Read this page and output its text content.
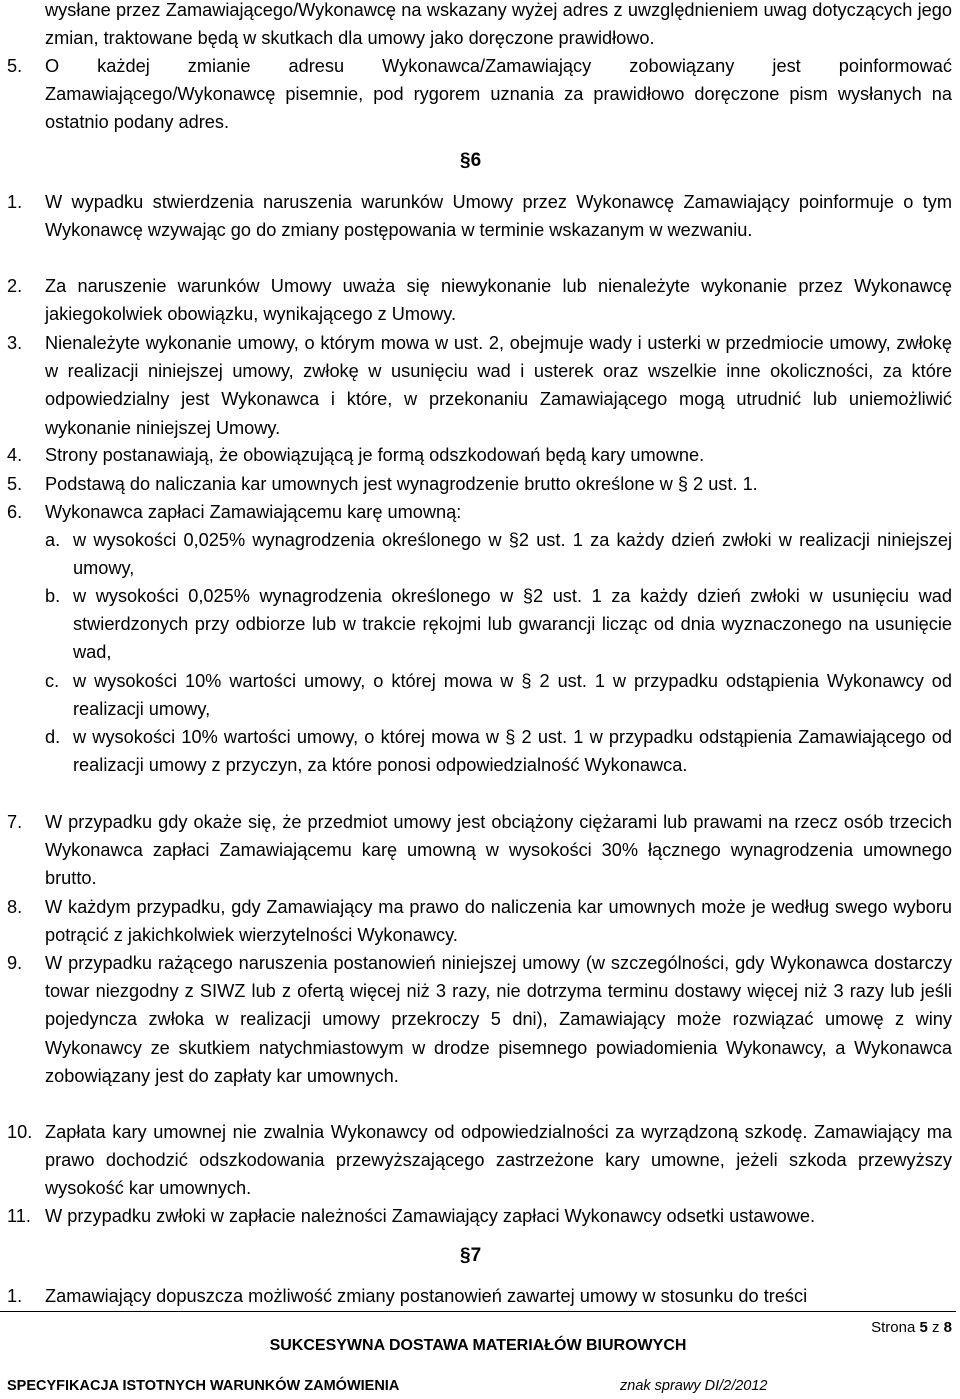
wysłane przez Zamawiającego/Wykonawcę na wskazany wyżej adres z uwzględnieniem uwag dotyczących jego zmian, traktowane będą w skutkach dla umowy jako doręczone prawidłowo.
5. O każdej zmianie adresu Wykonawca/Zamawiający zobowiązany jest poinformować Zamawiającego/Wykonawcę pisemnie, pod rygorem uznania za prawidłowo doręczone pism wysłanych na ostatnio podany adres.
§6
1. W wypadku stwierdzenia naruszenia warunków Umowy przez Wykonawcę Zamawiający poinformuje o tym Wykonawcę wzywając go do zmiany postępowania w terminie wskazanym w wezwaniu.
2. Za naruszenie warunków Umowy uważa się niewykonanie lub nienależyte wykonanie przez Wykonawcę jakiegokolwiek obowiązku, wynikającego z Umowy.
3. Nienależyte wykonanie umowy, o którym mowa w ust. 2, obejmuje wady i usterki w przedmiocie umowy, zwłokę w realizacji niniejszej umowy, zwłokę w usunięciu wad i usterek oraz wszelkie inne okoliczności, za które odpowiedzialny jest Wykonawca i które, w przekonaniu Zamawiającego mogą utrudnić lub uniemożliwić wykonanie niniejszej Umowy.
4. Strony postanawiają, że obowiązującą je formą odszkodowań będą kary umowne.
5. Podstawą do naliczania kar umownych jest wynagrodzenie brutto określone w § 2 ust. 1.
6. Wykonawca zapłaci Zamawiającemu karę umowną:
a. w wysokości 0,025% wynagrodzenia określonego w §2 ust. 1 za każdy dzień zwłoki w realizacji niniejszej umowy,
b. w wysokości 0,025% wynagrodzenia określonego w §2 ust. 1 za każdy dzień zwłoki w usunięciu wad stwierdzonych przy odbiorze lub w trakcie rękojmi lub gwarancji licząc od dnia wyznaczonego na usunięcie wad,
c. w wysokości 10% wartości umowy, o której mowa w § 2 ust. 1 w przypadku odstąpienia Wykonawcy od realizacji umowy,
d. w wysokości 10% wartości umowy, o której mowa w § 2 ust. 1 w przypadku odstąpienia Zamawiającego od realizacji umowy z przyczyn, za które ponosi odpowiedzialność Wykonawca.
7. W przypadku gdy okaże się, że przedmiot umowy jest obciążony ciężarami lub prawami na rzecz osób trzecich Wykonawca zapłaci Zamawiającemu karę umowną w wysokości 30% łącznego wynagrodzenia umownego brutto.
8. W każdym przypadku, gdy Zamawiający ma prawo do naliczenia kar umownych może je według swego wyboru potrącić z jakichkolwiek wierzytelności Wykonawcy.
9. W przypadku rażącego naruszenia postanowień niniejszej umowy (w szczególności, gdy Wykonawca dostarczy towar niezgodny z SIWZ lub z ofertą więcej niż 3 razy, nie dotrzyma terminu dostawy więcej niż 3 razy lub jeśli pojedyncza zwłoka w realizacji umowy przekroczy 5 dni), Zamawiający może rozwiązać umowę z winy Wykonawcy ze skutkiem natychmiastowym w drodze pisemnego powiadomienia Wykonawcy, a Wykonawca zobowiązany jest do zapłaty kar umownych.
10. Zapłata kary umownej nie zwalnia Wykonawcy od odpowiedzialności za wyrządzoną szkodę. Zamawiający ma prawo dochodzić odszkodowania przewyższającego zastrzeżone kary umowne, jeżeli szkoda przewyższy wysokość kar umownych.
11. W przypadku zwłoki w zapłacie należności Zamawiający zapłaci Wykonawcy odsetki ustawowe.
§7
1. Zamawiający dopuszcza możliwość zmiany postanowień zawartej umowy w stosunku do treści
Strona 5 z 8
SUKCESYWNA DOSTAWA MATERIAŁÓW BIUROWYCH
SPECYFIKACJA ISTOTNYCH WARUNKÓW ZAMÓWIENIA	znak sprawy DI/2/2012
